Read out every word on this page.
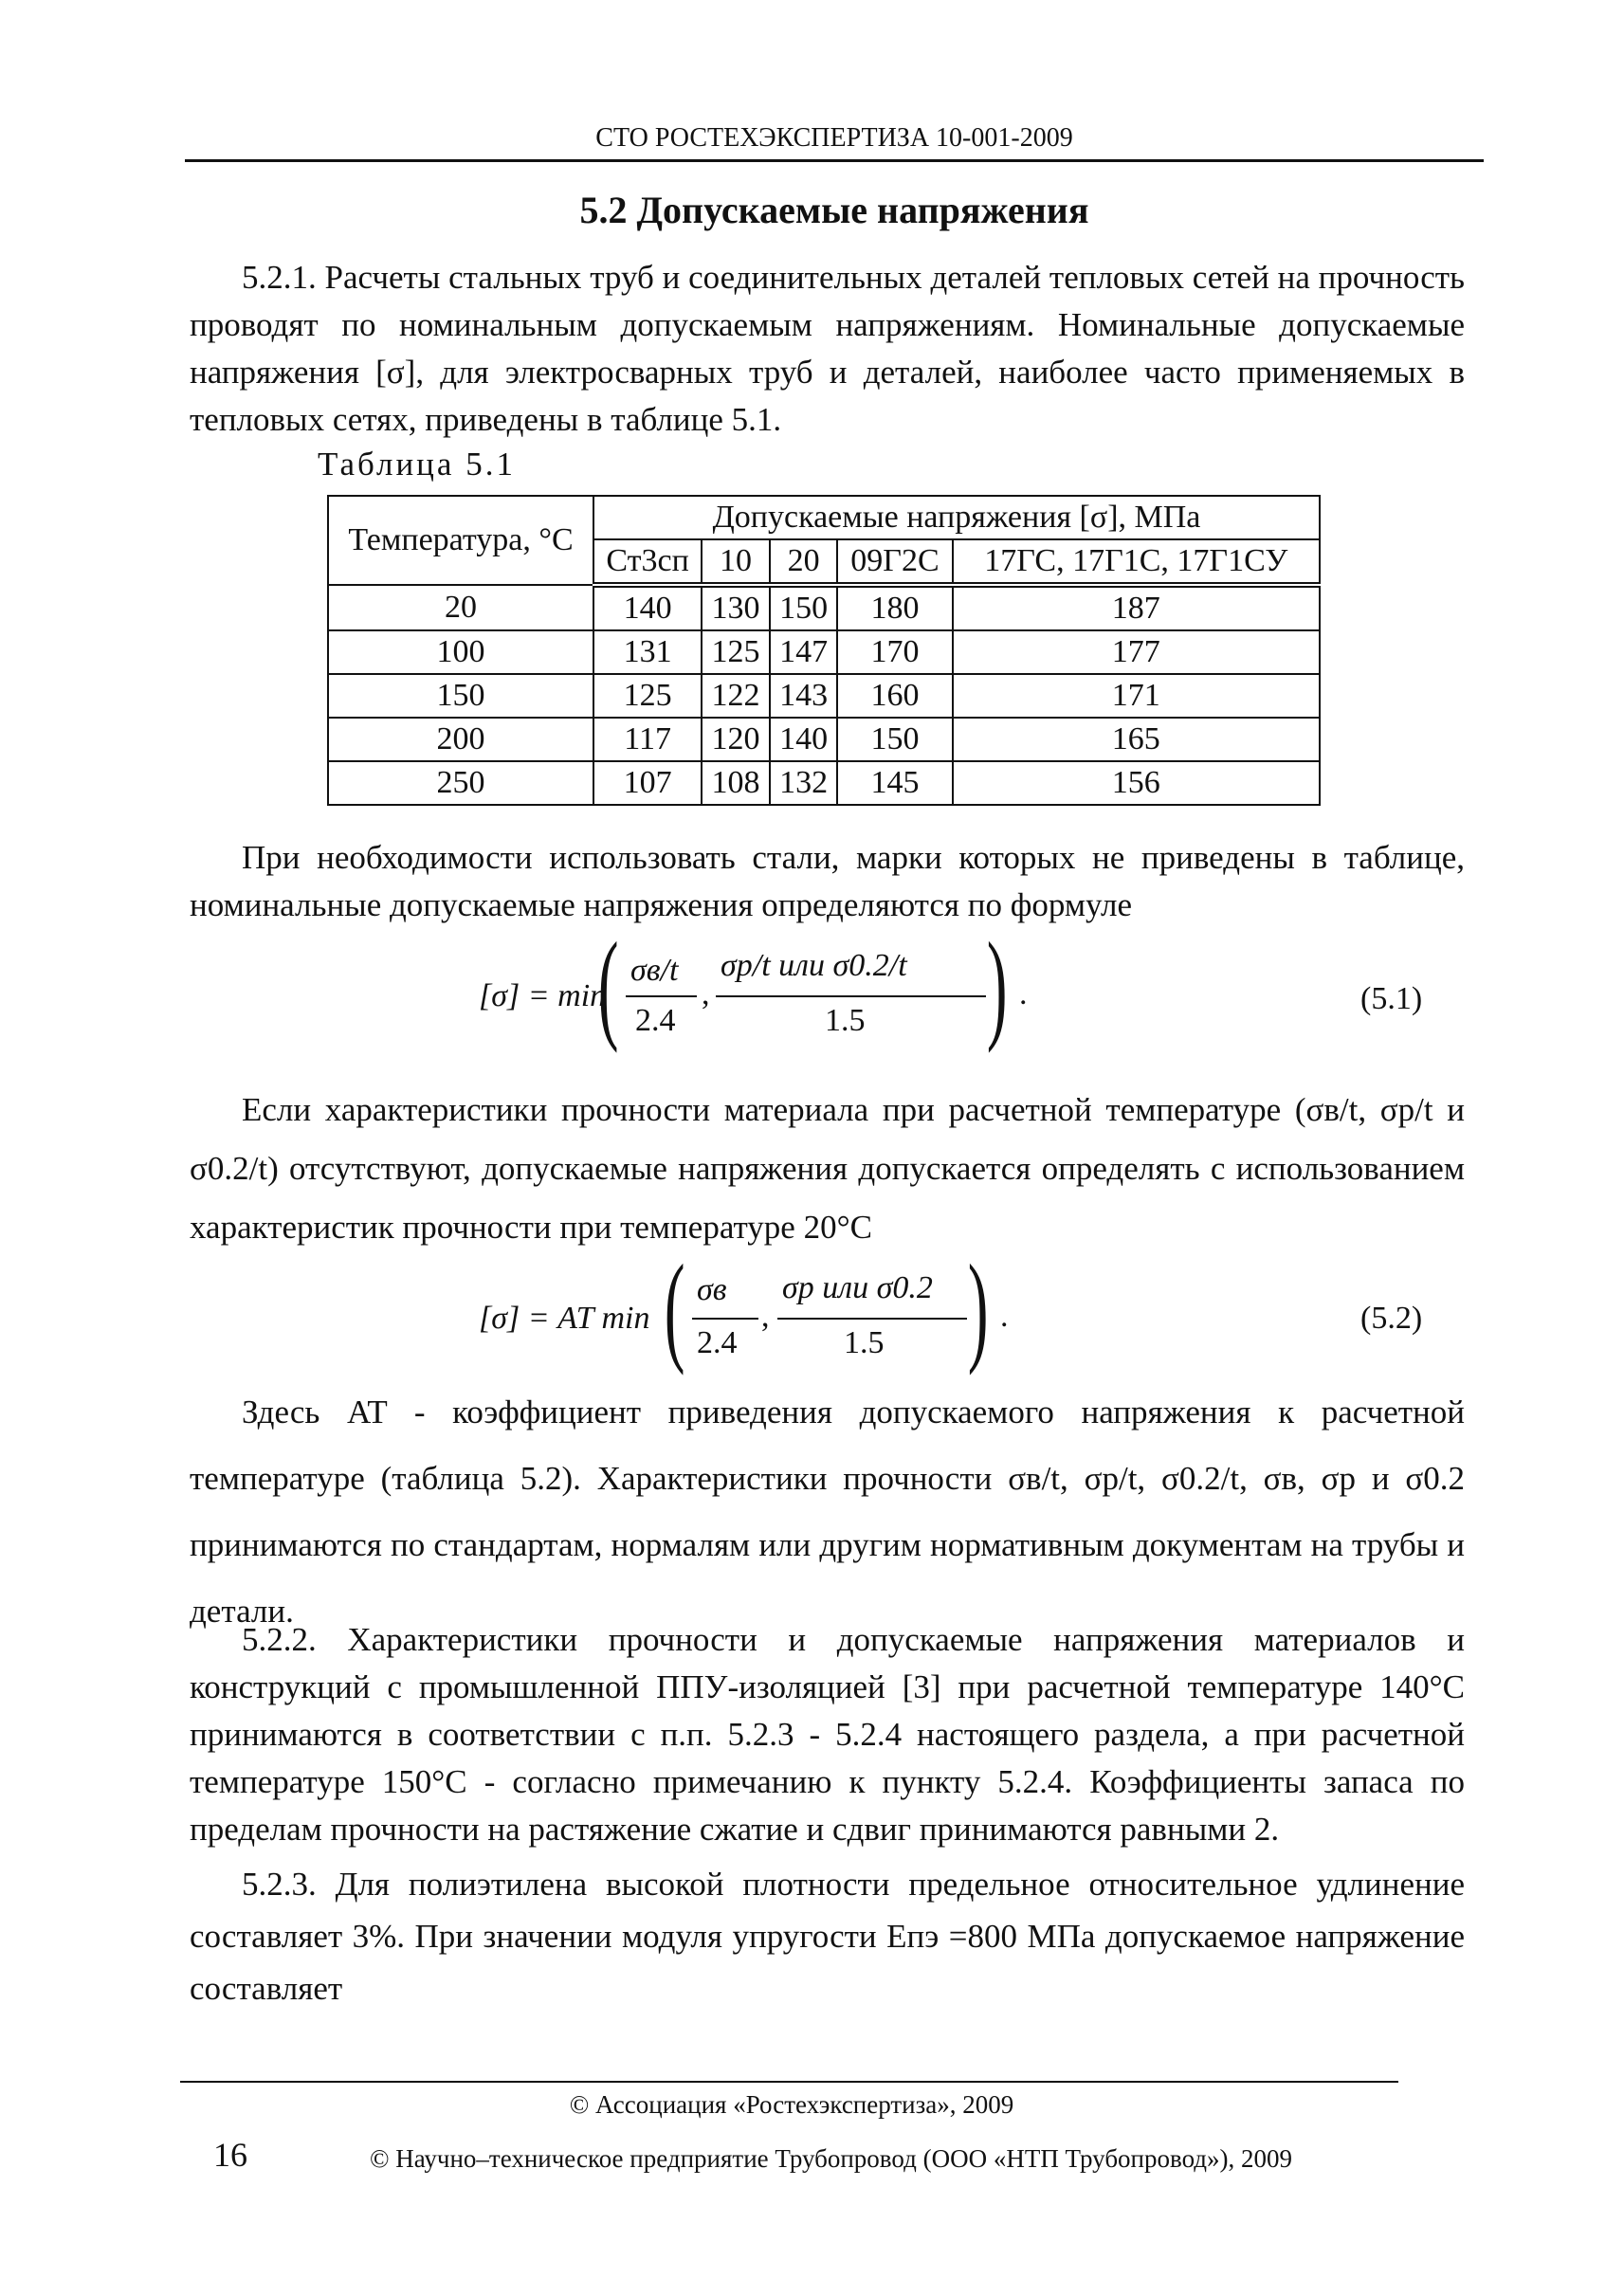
СТО РОСТЕХЭКСПЕРТИЗА 10-001-2009
5.2 Допускаемые напряжения

5.2.1. Расчеты стальных труб и соединительных деталей тепловых сетей на прочность проводят по номинальным допускаемым напряжениям. Номинальные допускаемые напряжения [σ], для электросварных труб и деталей, наиболее часто применяемых в тепловых сетях, приведены в таблице 5.1.

Таблица 5.1
Температура, °C	Допускаемые напряжения [σ], МПа				
	Ст3сп	10	20	09Г2С	17ГС, 17Г1С, 17Г1СУ
20	140	130	150	180	187
100	131	125	147	170	177
150	125	122	143	160	171
200	117	120	140	150	165
250	107	108	132	145	156

При необходимости использовать стали, марки которых не приведены в таблице, номинальные допускаемые напряжения определяются по формуле

[σ] = min
( σв/t
2.4
,
σp/t или σ0.2/t
1.5 ) .	(5.1)

Если характеристики прочности материала при расчетной температуре (σв/t, σp/t и σ0.2/t) отсутствуют, допускаемые напряжения допускается определять с использованием характеристик прочности при температуре 20°C

[σ] = AT min ( σв
2.4
,
σp или σ0.2
1.5 ) .	(5.2)

Здесь AT - коэффициент приведения допускаемого напряжения к расчетной температуре (таблица 5.2). Характеристики прочности σв/t, σp/t, σ0.2/t, σв, σp и σ0.2 принимаются по стандартам, нормалям или другим нормативным документам на трубы и детали.

5.2.2. Характеристики прочности и допускаемые напряжения материалов и конструкций с промышленной ППУ-изоляцией [3] при расчетной температуре 140°C принимаются в соответствии с п.п. 5.2.3 - 5.2.4 настоящего раздела, а при расчетной температуре 150°С - согласно примечанию к пункту 5.2.4. Коэффициенты запаса по пределам прочности на растяжение сжатие и сдвиг принимаются равными 2.

5.2.3. Для полиэтилена высокой плотности предельное относительное удлинение составляет 3%. При значении модуля упругости Eпэ =800 МПа допускаемое напряжение составляет

© Ассоциация «Ростехэкспертиза», 2009
16	© Научно–техническое предприятие Трубопровод (ООО «НТП Трубопровод»), 2009
